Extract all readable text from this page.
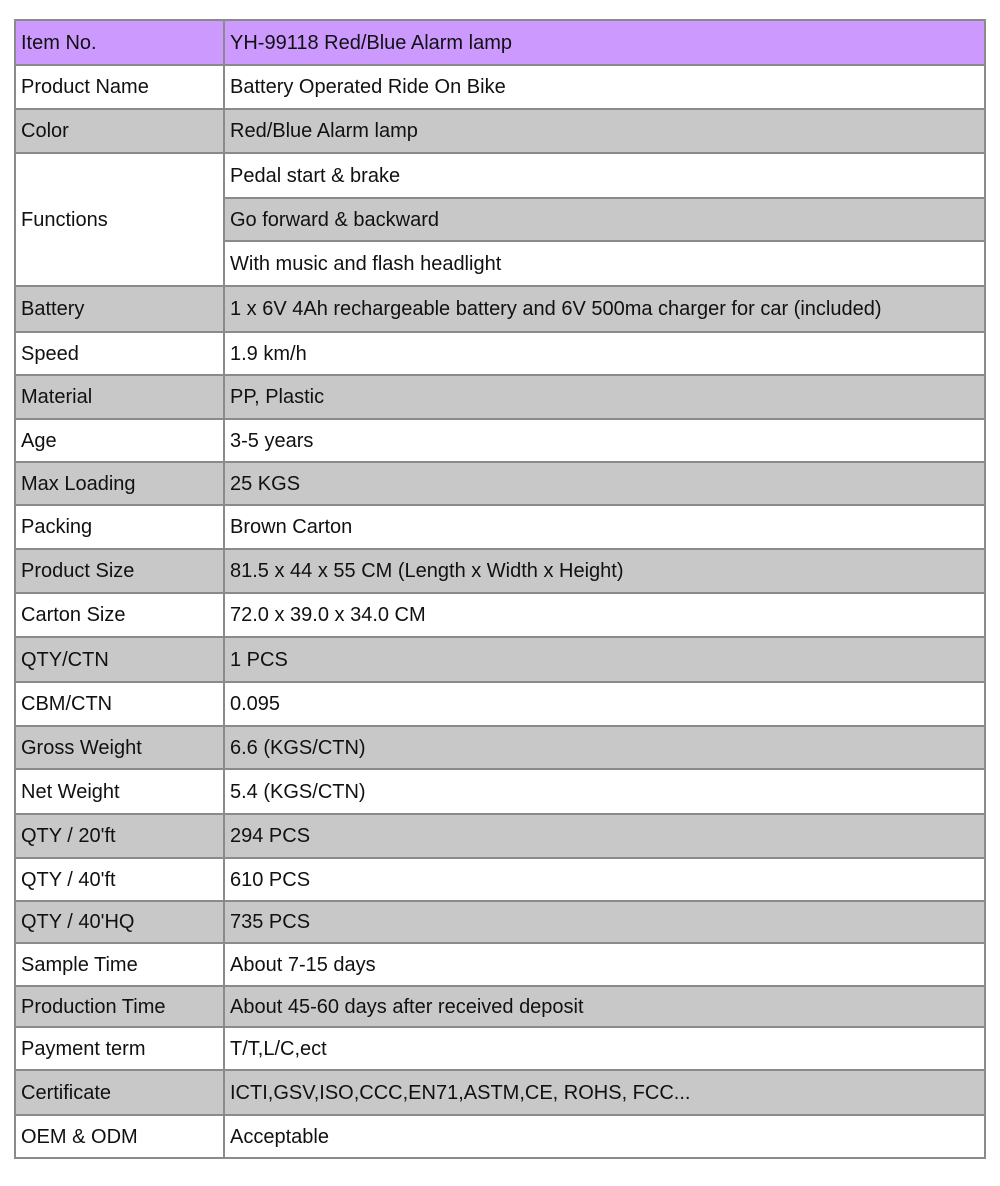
Item No.	YH-99118 Red/Blue Alarm lamp
Product Name	Battery Operated Ride On Bike
Color	Red/Blue Alarm lamp
Functions	Pedal start & brake
	Go forward & backward
	With music and flash headlight
Battery	1 x 6V 4Ah rechargeable battery and 6V 500ma charger for car (included)
Speed	1.9 km/h
Material	PP, Plastic
Age	3-5 years
Max Loading	25 KGS
Packing	Brown Carton
Product Size	81.5 x 44 x 55 CM (Length x Width x Height)
Carton Size	72.0 x 39.0 x 34.0 CM
QTY/CTN	1 PCS
CBM/CTN	0.095
Gross Weight	6.6 (KGS/CTN)
Net Weight	5.4 (KGS/CTN)
QTY / 20'ft	294 PCS
QTY / 40'ft	610 PCS
QTY / 40'HQ	735 PCS
Sample Time	About 7-15 days
Production Time	About 45-60 days after received deposit
Payment term	T/T,L/C,ect
Certificate	ICTI,GSV,ISO,CCC,EN71,ASTM,CE, ROHS, FCC...
OEM & ODM	Acceptable
